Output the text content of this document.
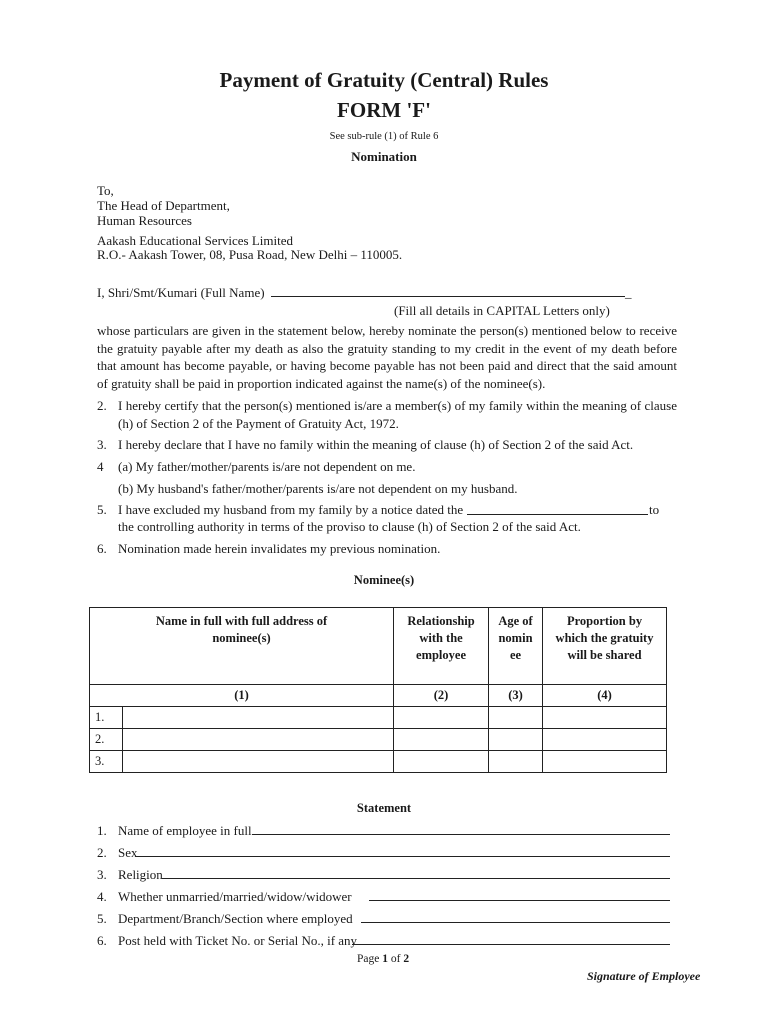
Payment of Gratuity (Central) Rules
FORM 'F'
See sub-rule (1) of Rule 6
Nomination
To,
The Head of Department,
Human Resources
Aakash Educational Services Limited
R.O.- Aakash Tower, 08, Pusa Road, New Delhi – 110005.
I, Shri/Smt/Kumari (Full Name)	_
(Fill all details in CAPITAL Letters only)
whose particulars are given in the statement below, hereby nominate the person(s) mentioned below to receive the gratuity payable after my death as also the gratuity standing to my credit in the event of my death before that amount has become payable, or having become payable has not been paid and direct that the said amount of gratuity shall be paid in proportion indicated against the name(s) of the nominee(s).
2. I hereby certify that the person(s) mentioned is/are a member(s) of my family within the meaning of clause (h) of Section 2 of the Payment of Gratuity Act, 1972.
3. I hereby declare that I have no family within the meaning of clause (h) of Section 2 of the said Act.
4 (a) My father/mother/parents is/are not dependent on me.
(b) My husband's father/mother/parents is/are not dependent on my husband.
5. I have excluded my husband from my family by a notice dated the	to
the controlling authority in terms of the proviso to clause (h) of Section 2 of the said Act.
6. Nomination made herein invalidates my previous nomination.
Nominee(s)
Name in full with full address of nominee(s)		Relationship with the employee	Age of nomin ee	Proportion by which the gratuity will be shared
(1)		(2)	(3)	(4)
1.				
2.				
3.				
Statement
1. Name of employee in full
2. Sex
3. Religion
4. Whether unmarried/married/widow/widower
5. Department/Branch/Section where employed
6. Post held with Ticket No. or Serial No., if any
Page 1 of 2
Signature of Employee
